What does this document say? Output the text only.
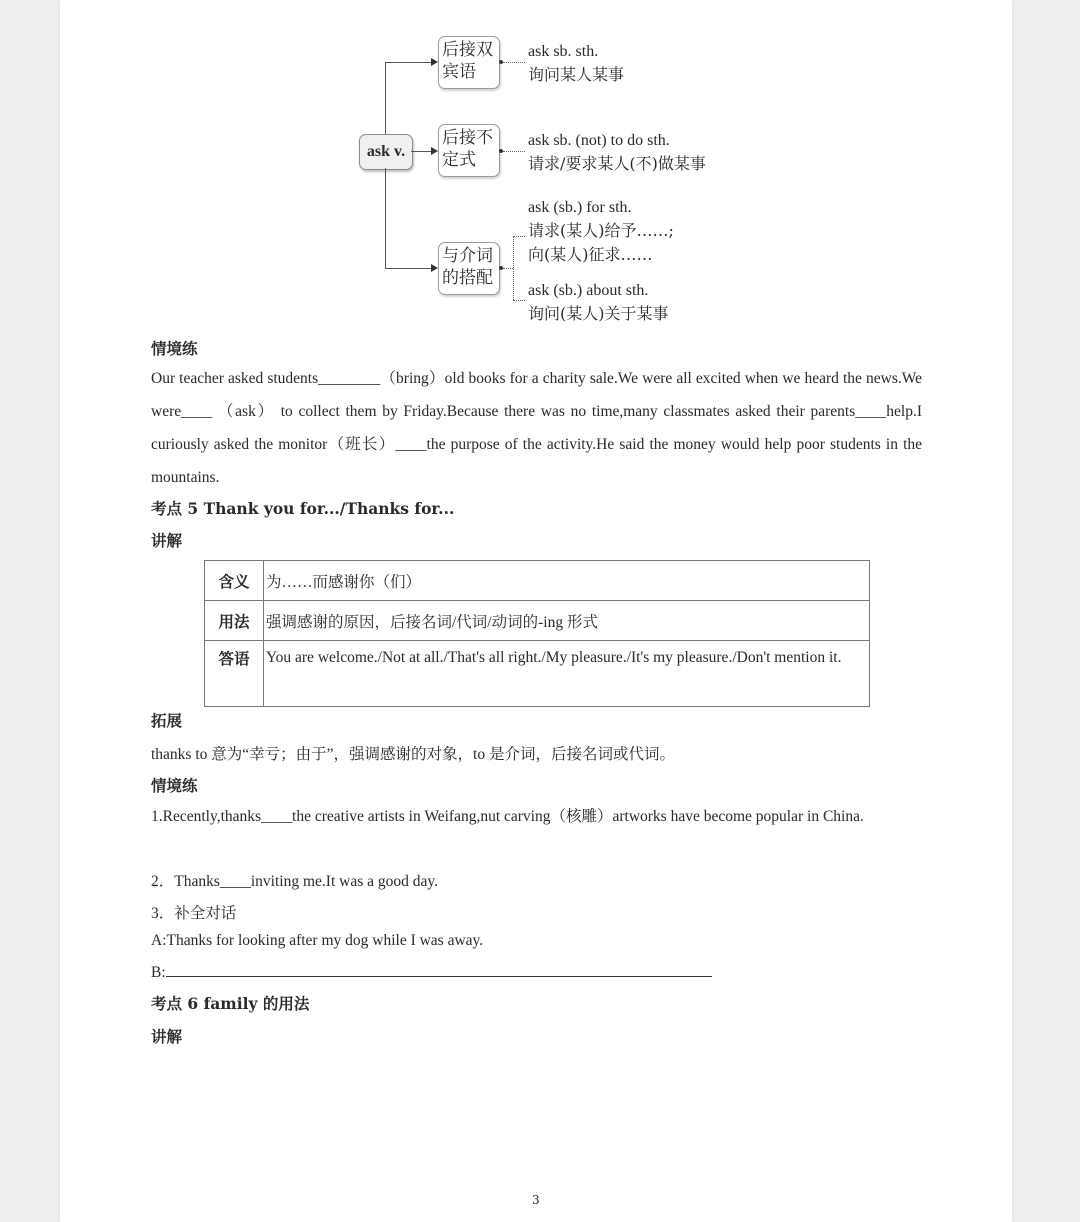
ask v.
后接双宾语
ask sb. sth.
询问某人某事
后接不定式
ask sb. (not) to do sth.
请求/要求某人(不)做某事
与介词的搭配
ask (sb.) for sth.
请求(某人)给予……;
向(某人)征求……
ask (sb.) about sth.
询问(某人)关于某事
情境练
Our teacher asked students________（bring）old books for a charity sale.We were all excited when we heard the news.We were____ （ask） to collect them by Friday.Because there was no time,many classmates asked their parents____help.I curiously asked the monitor（班长）____the purpose of the activity.He said the money would help poor students in the mountains.
考点 5 Thank you for.../Thanks for...
讲解
含义	为……而感谢你（们）
用法	强调感谢的原因，后接名词/代词/动词的-ing 形式
答语	You are welcome./Not at all./That's all right./My pleasure./It's my pleasure./Don't mention it.
拓展
thanks to 意为“幸亏；由于”，强调感谢的对象，to 是介词，后接名词或代词。
情境练
1.Recently,thanks____the creative artists in Weifang,nut carving（核雕）artworks have become popular in China.
2．Thanks____inviting me.It was a good day.
3．补全对话
A:Thanks for looking after my dog while I was away.
B:
考点 6 family 的用法
讲解
3
